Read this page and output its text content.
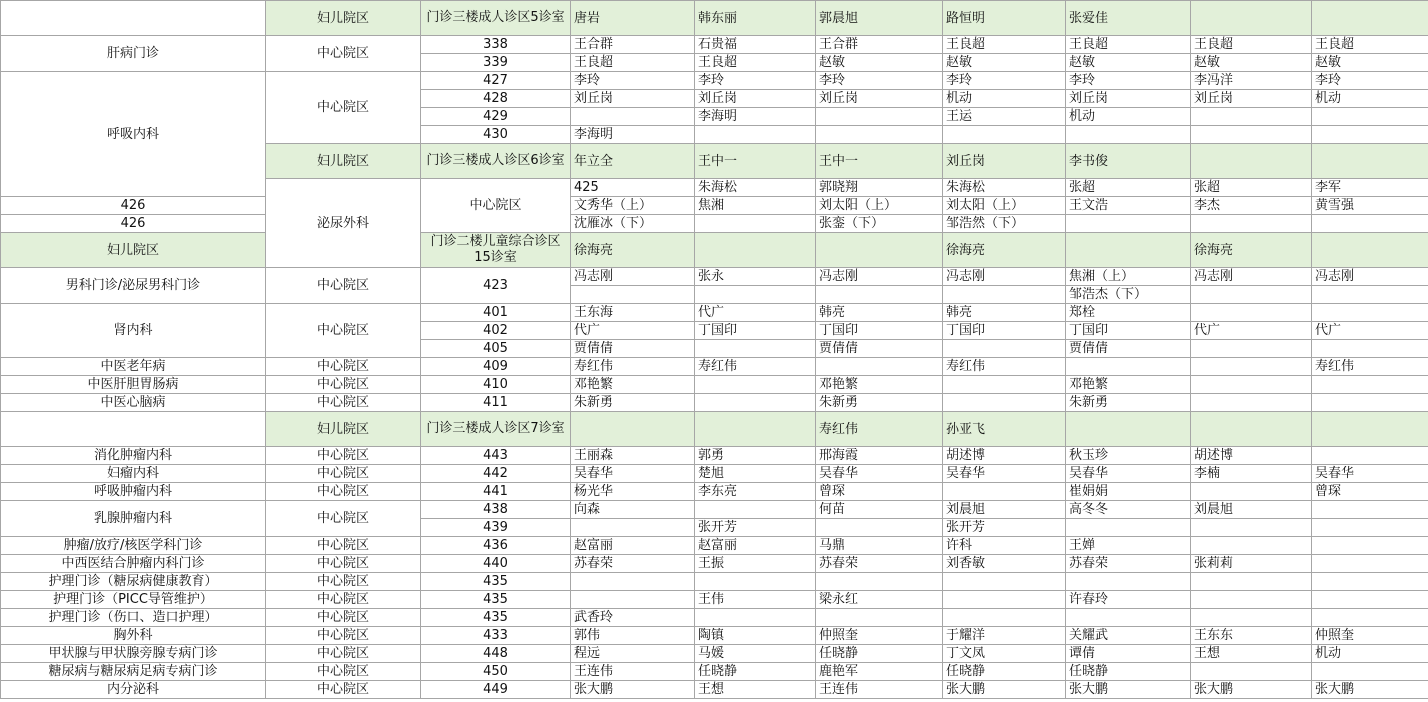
	妇儿院区	门诊三楼成人诊区5诊室	唐岩	韩东丽	郭晨旭	路恒明	张爱佳			
肝病门诊	中心院区	338	王合群	石贵福	王合群	王良超	王良超	王良超	王良超	
		339	王良超	王良超	赵敏	赵敏	赵敏	赵敏	赵敏	
呼吸内科	中心院区	427	李玲	李玲	李玲	李玲	李玲	李冯洋	李玲	
		428	刘丘岗	刘丘岗	刘丘岗	机动	刘丘岗	刘丘岗	机动	
		429		李海明		王运	机动			
		430	李海明							
	妇儿院区	门诊三楼成人诊区6诊室	年立全	王中一	王中一	刘丘岗	李书俊			
	泌尿外科	中心院区	425	朱海松	郭晓翔	朱海松	张超	张超	李军	
426			文秀华（上）	焦湘	刘太阳（上）	刘太阳（上）	王文浩	李杰	黄雪强	
426			沈雁冰（下）		张銮（下）	邹浩然（下）				
妇儿院区		门诊二楼儿童综合诊区15诊室	徐海亮			徐海亮		徐海亮		
男科门诊/泌尿男科门诊	中心院区	423	冯志刚	张永	冯志刚	冯志刚	焦湘（上）	冯志刚	冯志刚	
							邹浩杰（下）			
肾内科	中心院区	401	王东海	代广	韩亮	韩亮	郑栓			
		402	代广	丁国印	丁国印	丁国印	丁国印	代广	代广	
		405	贾倩倩		贾倩倩		贾倩倩			
中医老年病	中心院区	409	寿红伟	寿红伟		寿红伟			寿红伟	
中医肝胆胃肠病	中心院区	410	邓艳繁		邓艳繁		邓艳繁			
中医心脑病	中心院区	411	朱新勇		朱新勇		朱新勇			
	妇儿院区	门诊三楼成人诊区7诊室			寿红伟	孙亚飞				
消化肿瘤内科	中心院区	443	王丽森	郭勇	邢海霞	胡述博	秋玉珍	胡述博		
妇瘤内科	中心院区	442	吴春华	楚旭	吴春华	吴春华	吴春华	李楠	吴春华	
呼吸肿瘤内科	中心院区	441	杨光华	李东亮	曾琛		崔娟娟		曾琛	
乳腺肿瘤内科	中心院区	438	向森		何苗	刘晨旭	高冬冬	刘晨旭		
		439		张开芳		张开芳				
肿瘤/放疗/核医学科门诊	中心院区	436	赵富丽	赵富丽	马鼎	许科	王婵			
中西医结合肿瘤内科门诊	中心院区	440	苏春荣	王振	苏春荣	刘香敏	苏春荣	张莉莉		
护理门诊（糖尿病健康教育）	中心院区	435								
护理门诊（PICC导管维护）	中心院区	435		王伟	梁永红		许春玲			
护理门诊（伤口、造口护理）	中心院区	435	武香玲							
胸外科	中心院区	433	郭伟	陶镇	仲照奎	于耀洋	关耀武	王东东	仲照奎	
甲状腺与甲状腺旁腺专病门诊	中心院区	448	程远	马媛	任晓静	丁文凤	谭倩	王想	机动	
糖尿病与糖尿病足病专病门诊	中心院区	450	王连伟	任晓静	鹿艳军	任晓静	任晓静			
内分泌科	中心院区	449	张大鹏	王想	王连伟	张大鹏	张大鹏	张大鹏	张大鹏	
